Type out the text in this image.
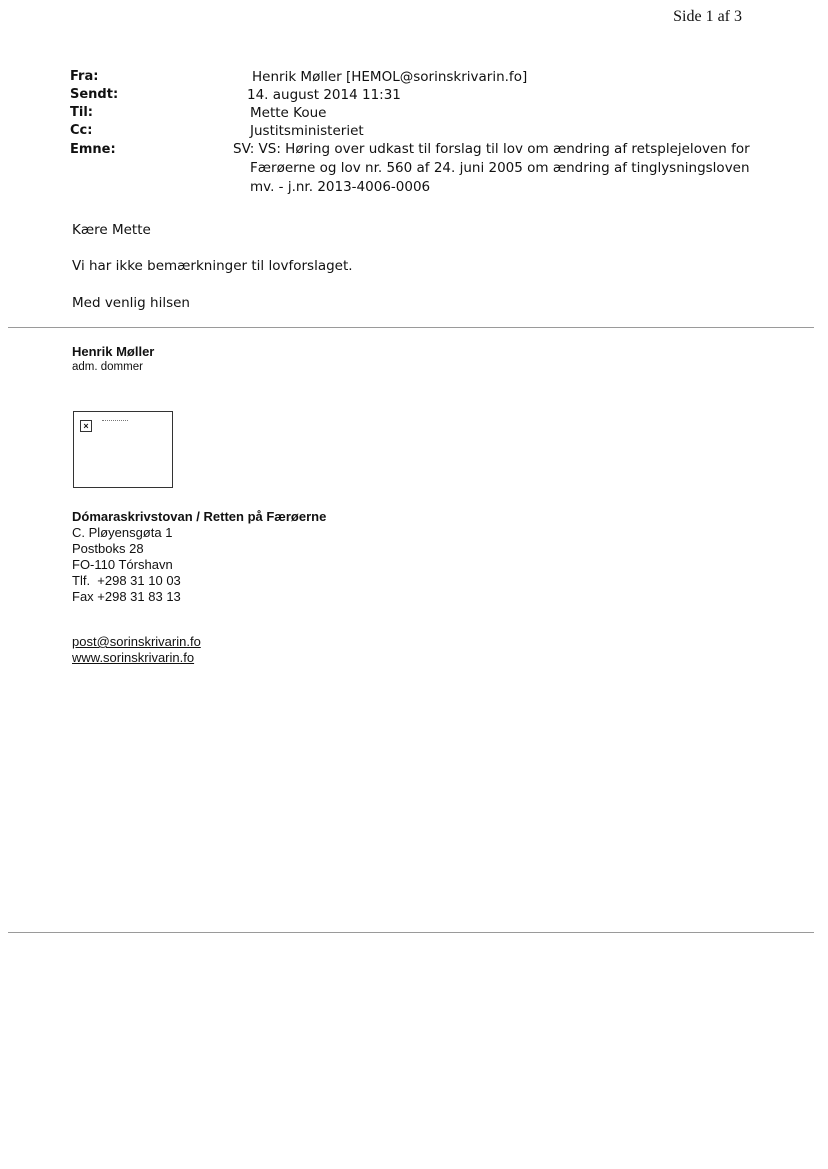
Side 1 af 3
Fra:	Henrik Møller [HEMOL@sorinskrivarin.fo]
Sendt:	14. august 2014 11:31
Til:	Mette Koue
Cc:	Justitsministeriet
Emne:	SV: VS: Høring over udkast til forslag til lov om ændring af retsplejeloven for Færøerne og lov nr. 560 af 24. juni 2005 om ændring af tinglysningsloven mv. - j.nr. 2013-4006-0006
Kære Mette
Vi har ikke bemærkninger til lovforslaget.
Med venlig hilsen
Henrik Møller
adm. dommer
×
Dómaraskrivstovan / Retten på Færøerne
C. Pløyensgøta 1
Postboks 28
FO-110 Tórshavn
Tlf.  +298 31 10 03
Fax +298 31 83 13
post@sorinskrivarin.fo
www.sorinskrivarin.fo
